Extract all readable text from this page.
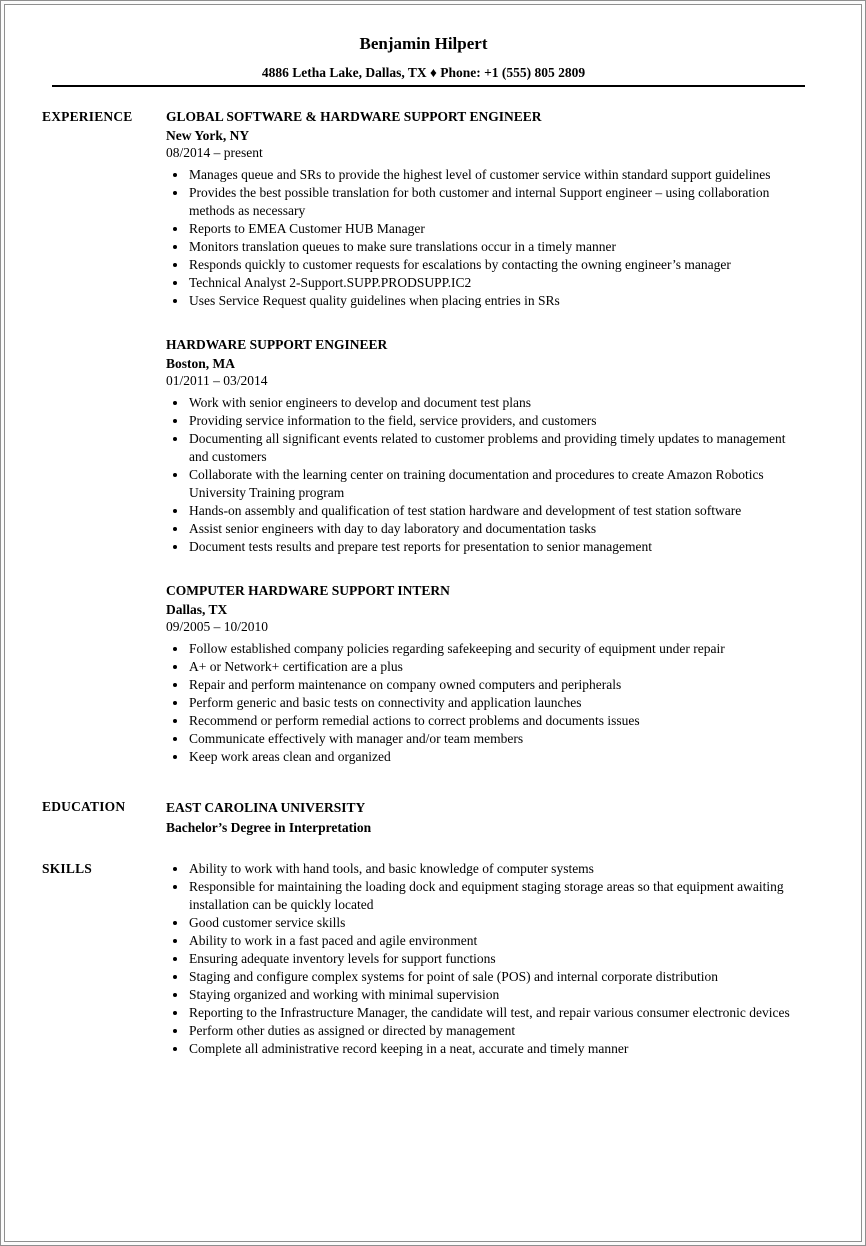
Benjamin Hilpert
4886 Letha Lake, Dallas, TX ♦ Phone: +1 (555) 805 2809
EXPERIENCE	GLOBAL SOFTWARE & HARDWARE SUPPORT ENGINEER
New York, NY
08/2014 – present
• Manages queue and SRs to provide the highest level of customer service within standard support guidelines
• Provides the best possible translation for both customer and internal Support engineer – using collaboration methods as necessary
• Reports to EMEA Customer HUB Manager
• Monitors translation queues to make sure translations occur in a timely manner
• Responds quickly to customer requests for escalations by contacting the owning engineer’s manager
• Technical Analyst 2-Support.SUPP.PRODSUPP.IC2
• Uses Service Request quality guidelines when placing entries in SRs
HARDWARE SUPPORT ENGINEER
Boston, MA
01/2011 – 03/2014
• Work with senior engineers to develop and document test plans
• Providing service information to the field, service providers, and customers
• Documenting all significant events related to customer problems and providing timely updates to management and customers
• Collaborate with the learning center on training documentation and procedures to create Amazon Robotics University Training program
• Hands-on assembly and qualification of test station hardware and development of test station software
• Assist senior engineers with day to day laboratory and documentation tasks
• Document tests results and prepare test reports for presentation to senior management
COMPUTER HARDWARE SUPPORT INTERN
Dallas, TX
09/2005 – 10/2010
• Follow established company policies regarding safekeeping and security of equipment under repair
• A+ or Network+ certification are a plus
• Repair and perform maintenance on company owned computers and peripherals
• Perform generic and basic tests on connectivity and application launches
• Recommend or perform remedial actions to correct problems and documents issues
• Communicate effectively with manager and/or team members
• Keep work areas clean and organized
EDUCATION	EAST CAROLINA UNIVERSITY
Bachelor’s Degree in Interpretation
SKILLS	• Ability to work with hand tools, and basic knowledge of computer systems
• Responsible for maintaining the loading dock and equipment staging storage areas so that equipment awaiting installation can be quickly located
• Good customer service skills
• Ability to work in a fast paced and agile environment
• Ensuring adequate inventory levels for support functions
• Staging and configure complex systems for point of sale (POS) and internal corporate distribution
• Staying organized and working with minimal supervision
• Reporting to the Infrastructure Manager, the candidate will test, and repair various consumer electronic devices
• Perform other duties as assigned or directed by management
• Complete all administrative record keeping in a neat, accurate and timely manner
